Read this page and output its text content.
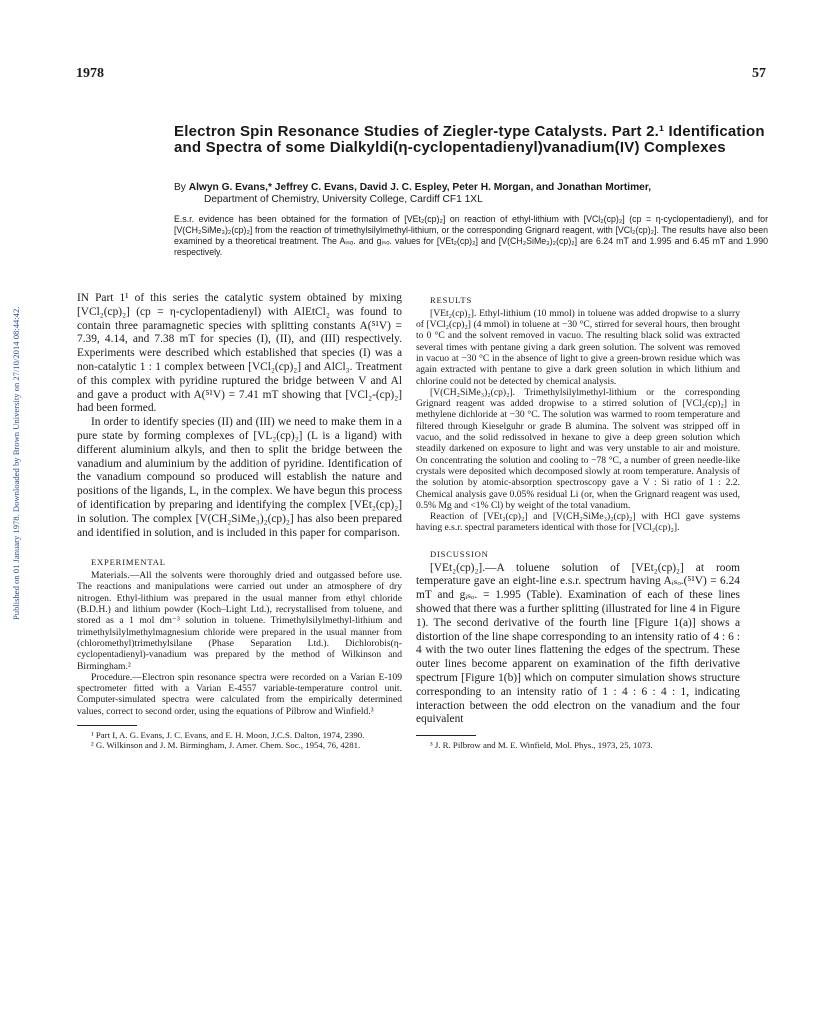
Published on 01 January 1978. Downloaded by Brown University on 27/10/2014 08:44:42.
1978	57
Electron Spin Resonance Studies of Ziegler-type Catalysts. Part 2.¹ Identification and Spectra of some Dialkyldi(η-cyclopentadienyl)vanadium(IV) Complexes
By Alwyn G. Evans,* Jeffrey C. Evans, David J. C. Espley, Peter H. Morgan, and Jonathan Mortimer,
Department of Chemistry, University College, Cardiff CF1 1XL
E.s.r. evidence has been obtained for the formation of [VEt₂(cp)₂] on reaction of ethyl-lithium with [VCl₂(cp)₂] (cp = η-cyclopentadienyl), and for [V(CH₂SiMe₃)₂(cp)₂] from the reaction of trimethylsilylmethyl-lithium, or the corresponding Grignard reagent, with [VCl₂(cp)₂]. The results have also been examined by a theoretical treatment. The Aᵢₛₒ. and gᵢₛₒ. values for [VEt₂(cp)₂] and [V(CH₂SiMe₃)₂(cp)₂] are 6.24 mT and 1.995 and 6.45 mT and 1.990 respectively.

IN Part 1¹ of this series the catalytic system obtained by mixing [VCl₂(cp)₂] (cp = η-cyclopentadienyl) with AlEtCl₂ was found to contain three paramagnetic species with splitting constants A(⁵¹V) = 7.39, 4.14, and 7.38 mT for species (I), (II), and (III) respectively. Experiments were described which established that species (I) was a non-catalytic 1 : 1 complex between [VCl₂(cp)₂] and AlCl₃. Treatment of this complex with pyridine ruptured the bridge between V and Al and gave a product with A(⁵¹V) = 7.41 mT showing that [VCl₂-(cp)₂] had been formed.

In order to identify species (II) and (III) we need to make them in a pure state by forming complexes of [VL₂(cp)₂] (L is a ligand) with different aluminium alkyls, and then to split the bridge between the vanadium and aluminium by the addition of pyridine. Identification of the vanadium compound so produced will establish the nature and positions of the ligands, L, in the complex. We have begun this process of identification by preparing and identifying the complex [VEt₂(cp)₂] in solution. The complex [V(CH₂SiMe₃)₂(cp)₂] has also been prepared and identified in solution, and is included in this paper for comparison.

EXPERIMENTAL

Materials.—All the solvents were thoroughly dried and outgassed before use. The reactions and manipulations were carried out under an atmosphere of dry nitrogen. Ethyl-lithium was prepared in the usual manner from ethyl chloride (B.D.H.) and lithium powder (Koch–Light Ltd.), recrystallised from toluene, and stored as a 1 mol dm⁻³ solution in toluene. Trimethylsilylmethyl-lithium and trimethylsilylmethylmagnesium chloride were prepared in the usual manner from (chloromethyl)trimethylsilane (Phase Separation Ltd.). Dichlorobis(η-cyclopentadienyl)-vanadium was prepared by the method of Wilkinson and Birmingham.²

Procedure.—Electron spin resonance spectra were recorded on a Varian E-109 spectrometer fitted with a Varian E-4557 variable-temperature control unit. Computer-simulated spectra were calculated from the empirically determined values, correct to second order, using the equations of Pilbrow and Winfield.³

¹ Part I, A. G. Evans, J. C. Evans, and E. H. Moon, J.C.S. Dalton, 1974, 2390.

² G. Wilkinson and J. M. Birmingham, J. Amer. Chem. Soc., 1954, 76, 4281.

RESULTS

[VEt₂(cp)₂]. Ethyl-lithium (10 mmol) in toluene was added dropwise to a slurry of [VCl₂(cp)₂] (4 mmol) in toluene at −30 °C, stirred for several hours, then brought to 0 °C and the solvent removed in vacuo. The resulting black solid was extracted several times with pentane giving a dark green solution. The solvent was removed in vacuo at −30 °C in the absence of light to give a green-brown residue which was again extracted with pentane to give a dark green solution in which lithium and chlorine could not be detected by chemical analysis.

[V(CH₂SiMe₃)₂(cp)₂]. Trimethylsilylmethyl-lithium or the corresponding Grignard reagent was added dropwise to a stirred solution of [VCl₂(cp)₂] in methylene dichloride at −30 °C. The solution was warmed to room temperature and filtered through Kieselguhr or grade B alumina. The solvent was stripped off in vacuo, and the solid redissolved in hexane to give a deep green solution which steadily darkened on exposure to light and was very unstable to air and moisture. On concentrating the solution and cooling to −78 °C, a number of green needle-like crystals were deposited which decomposed slowly at room temperature. Analysis of the solution by atomic-absorption spectroscopy gave a V : Si ratio of 1 : 2.2. Chemical analysis gave 0.05% residual Li (or, when the Grignard reagent was used, 0.5% Mg and <1% Cl) by weight of the total vanadium.

Reaction of [VEt₂(cp)₂] and [V(CH₂SiMe₃)₂(cp)₂] with HCl gave systems having e.s.r. spectral parameters identical with those for [VCl₂(cp)₂].

DISCUSSION

[VEt₂(cp)₂].—A toluene solution of [VEt₂(cp)₂] at room temperature gave an eight-line e.s.r. spectrum having Aᵢₛₒ.(⁵¹V) = 6.24 mT and gᵢₛₒ. = 1.995 (Table). Examination of each of these lines showed that there was a further splitting (illustrated for line 4 in Figure 1). The second derivative of the fourth line [Figure 1(a)] shows a distortion of the line shape corresponding to an intensity ratio of 4 : 6 : 4 with the two outer lines flattening the edges of the spectrum. These outer lines become apparent on examination of the fifth derivative spectrum [Figure 1(b)] which on computer simulation shows structure corresponding to an intensity ratio of 1 : 4 : 6 : 4 : 1, indicating interaction between the odd electron on the vanadium and the four equivalent

³ J. R. Pilbrow and M. E. Winfield, Mol. Phys., 1973, 25, 1073.
